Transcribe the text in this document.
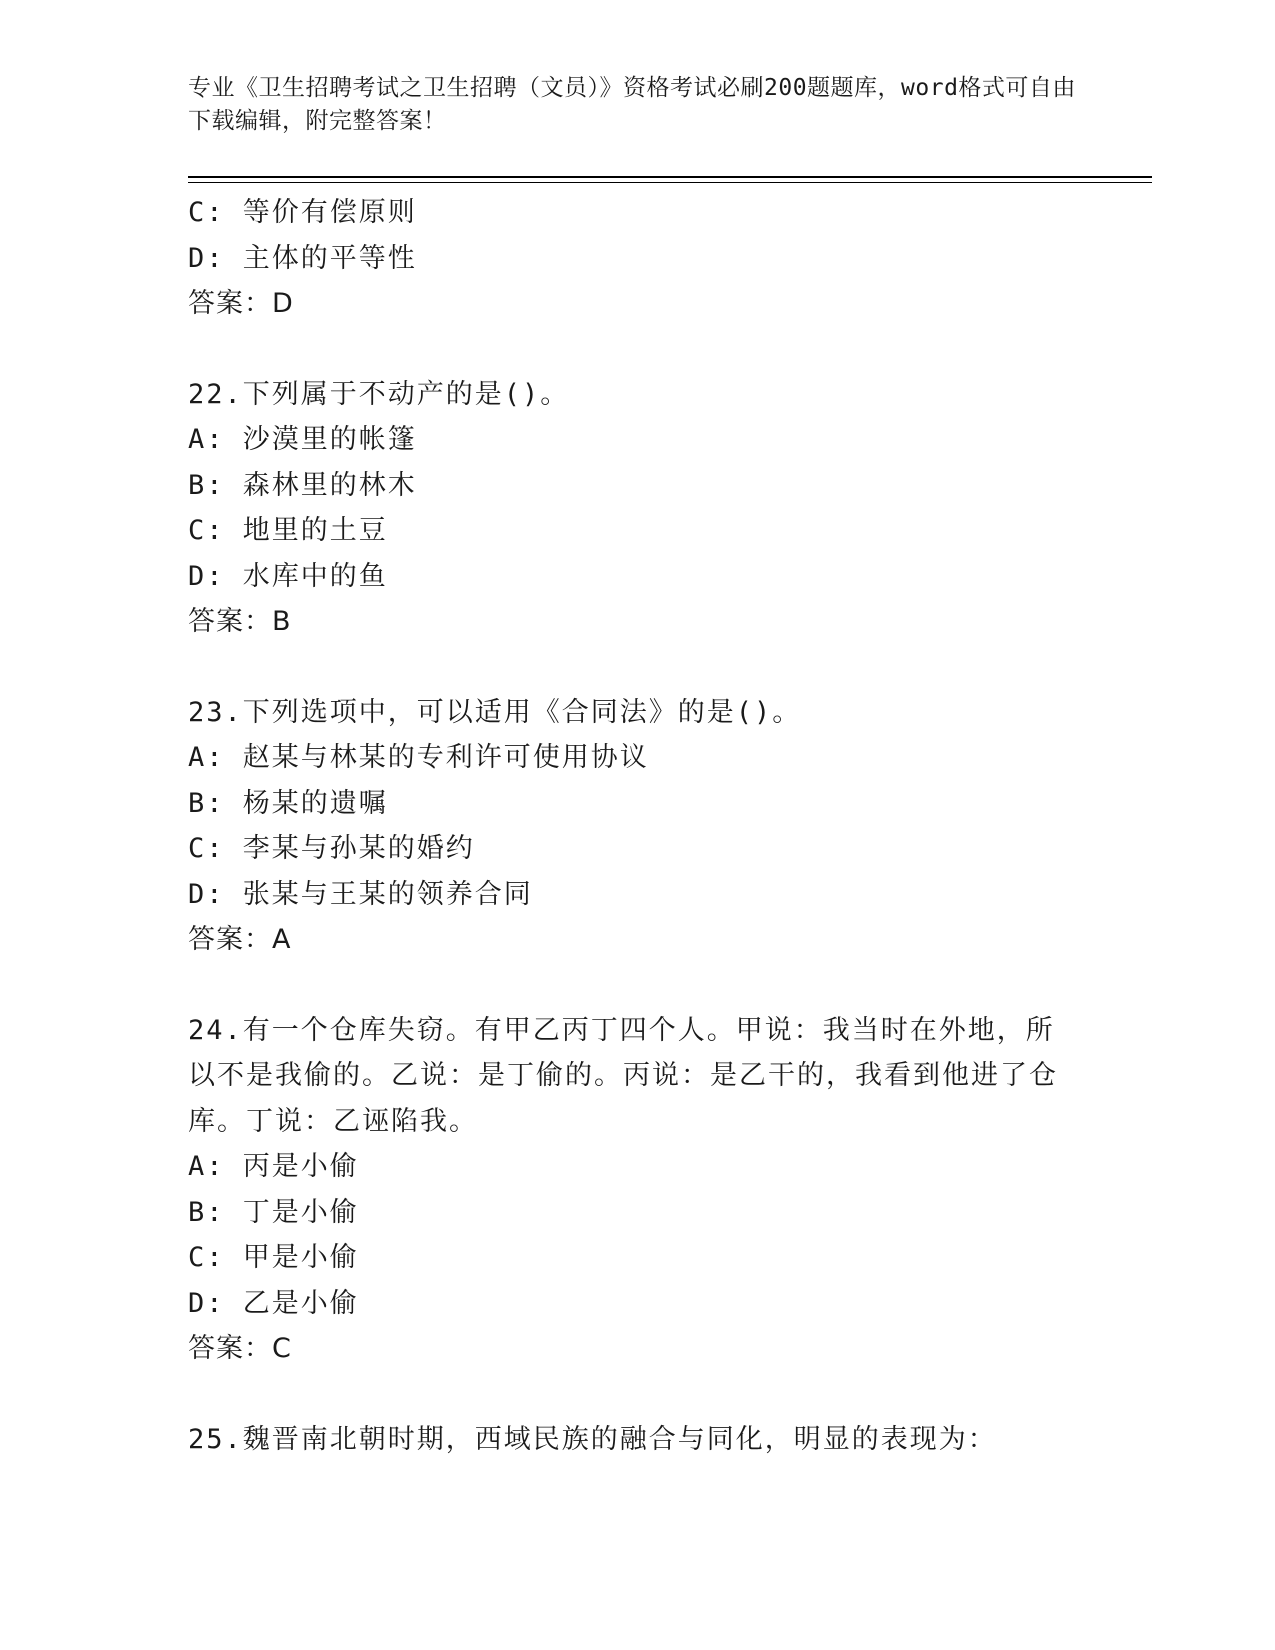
专业《卫生招聘考试之卫生招聘（文员）》资格考试必刷200题题库，word格式可自由下载编辑，附完整答案！
C: 等价有偿原则
D: 主体的平等性
答案：D
22.下列属于不动产的是()。
A: 沙漠里的帐篷
B: 森林里的林木
C: 地里的土豆
D: 水库中的鱼
答案：B
23.下列选项中，可以适用《合同法》的是()。
A: 赵某与林某的专利许可使用协议
B: 杨某的遗嘱
C: 李某与孙某的婚约
D: 张某与王某的领养合同
答案：A
24.有一个仓库失窃。有甲乙丙丁四个人。甲说：我当时在外地，所以不是我偷的。乙说：是丁偷的。丙说：是乙干的，我看到他进了仓库。丁说：乙诬陷我。
A: 丙是小偷
B: 丁是小偷
C: 甲是小偷
D: 乙是小偷
答案：C
25.魏晋南北朝时期，西域民族的融合与同化，明显的表现为：
